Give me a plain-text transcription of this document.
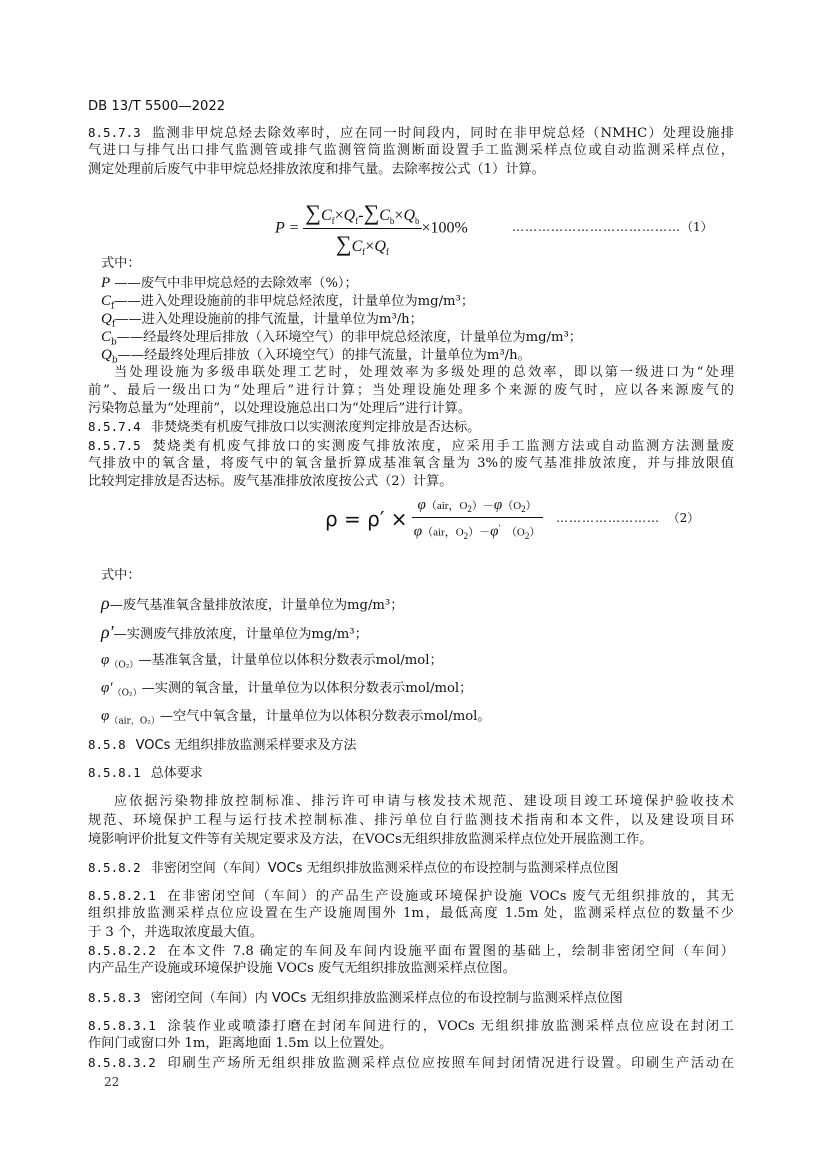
DB 13/T 5500—2022
8.5.7.3 监测非甲烷总烃去除效率时，应在同一时间段内，同时在非甲烷总烃（NMHC）处理设施排
气进口与排气出口排气监测管或排气监测管筒监测断面设置手工监测采样点位或自动监测采样点位，
测定处理前后废气中非甲烷总烃排放浓度和排气量。去除率按公式（1）计算。
$P = \frac{\sum C_f\times Q_f-\sum C_b\times Q_b}{\sum C_f\times Q_f} \times 100\%$	…………………………………（1）
式中：
P ——废气中非甲烷总烃的去除效率（%）；
$C_f——$进入处理设施前的非甲烷总烃浓度，计量单位为mg/m³；
$Q_f——$进入处理设施前的排气流量，计量单位为m³/h；
$C_b——$经最终处理后排放（入环境空气）的非甲烷总烃浓度，计量单位为mg/m³；
$Q_b——$经最终处理后排放（入环境空气）的排气流量，计量单位为m³/h。
当处理设施为多级串联处理工艺时，处理效率为多级处理的总效率，即以第一级进口为“处理
前”、最后一级出口为“处理后”进行计算；当处理设施处理多个来源的废气时，应以各来源废气的
污染物总量为“处理前”，以处理设施总出口为“处理后”进行计算。
8.5.7.4 非焚烧类有机废气排放口以实测浓度判定排放是否达标。
8.5.7.5 焚烧类有机废气排放口的实测废气排放浓度，应采用手工监测方法或自动监测方法测量废
气排放中的氧含量，将废气中的氧含量折算成基准氧含量为 3%的废气基准排放浓度，并与排放限值
比较判定排放是否达标。废气基准排放浓度按公式（2）计算。
$\rho = \rho' \times \frac{\varphi(air,O_2)-\varphi(O_2)}{\varphi(air,O_2)-\varphi' (O_2)}$ …………………… （2）
式中：
ρ—废气基准氧含量排放浓度，计量单位为mg/m³；
ρ′—实测废气排放浓度，计量单位为mg/m³；
$\varphi_{(O_2)}—$基准氧含量，计量单位以体积分数表示mol/mol；
$\varphi'_{(O_2)}—$实测的氧含量，计量单位为以体积分数表示mol/mol；
$\varphi_{(air,O_2)}—$空气中氧含量，计量单位为以体积分数表示mol/mol。
8.5.8 VOCs 无组织排放监测采样要求及方法
8.5.8.1 总体要求
应依据污染物排放控制标准、排污许可申请与核发技术规范、建设项目竣工环境保护验收技术
规范、环境保护工程与运行技术控制标准、排污单位自行监测技术指南和本文件，以及建设项目环
境影响评价批复文件等有关规定要求及方法，在VOCs无组织排放监测采样点位处开展监测工作。
8.5.8.2 非密闭空间（车间）VOCs 无组织排放监测采样点位的布设控制与监测采样点位图
8.5.8.2.1 在非密闭空间（车间）的产品生产设施或环境保护设施 VOCs 废气无组织排放的，其无
组织排放监测采样点位应设置在生产设施周围外 1m，最低高度 1.5m 处，监测采样点位的数量不少
于 3 个，并选取浓度最大值。
8.5.8.2.2 在本文件 7.8 确定的车间及车间内设施平面布置图的基础上，绘制非密闭空间（车间）
内产品生产设施或环境保护设施 VOCs 废气无组织排放监测采样点位图。
8.5.8.3 密闭空间（车间）内 VOCs 无组织排放监测采样点位的布设控制与监测采样点位图
8.5.8.3.1 涂装作业或喷漆打磨在封闭车间进行的，VOCs 无组织排放监测采样点位应设在封闭工
作间门或窗口外 1m，距离地面 1.5m 以上位置处。
8.5.8.3.2 印刷生产场所无组织排放监测采样点位应按照车间封闭情况进行设置。印刷生产活动在
22
